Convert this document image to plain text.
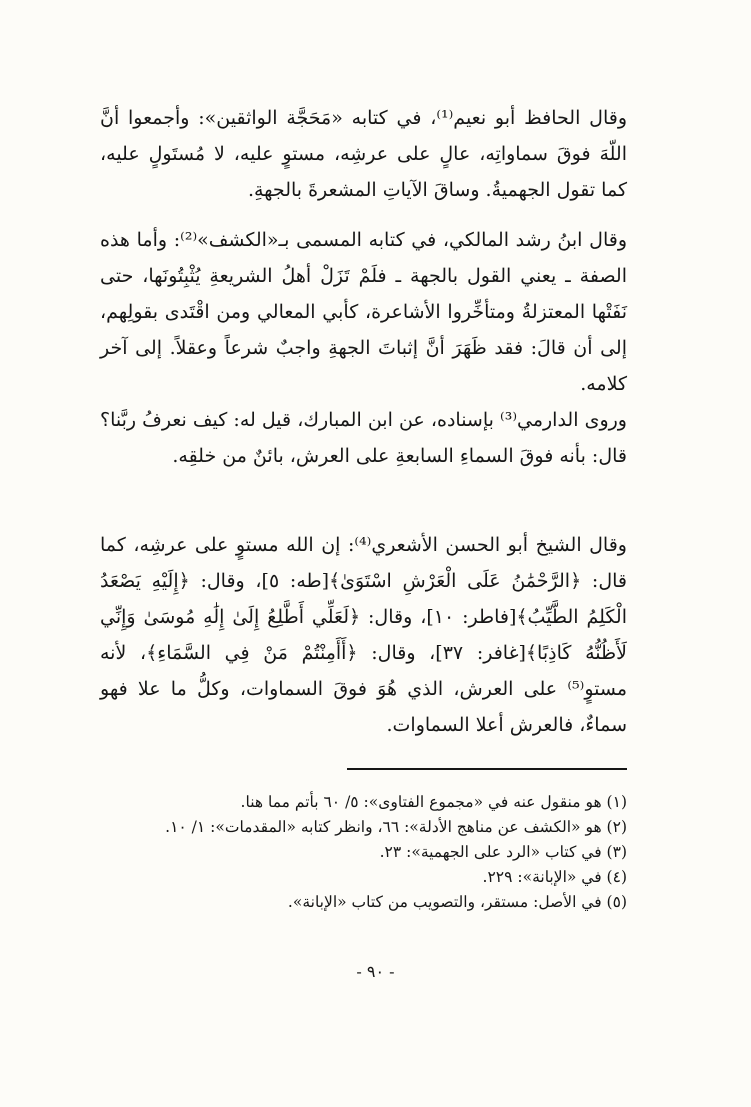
وقال الحافظ أبو نعيم⁽¹⁾، في كتابه «مَحَجَّة الواثقين»: وأجمعوا أنَّ اللّهَ فوقَ سماواتِه، عالٍ على عرشِه، مستوٍ عليه، لا مُستَولٍ عليه، كما تقول الجهميةُ. وساقَ الآياتِ المشعرةَ بالجهةِ.

وقال ابنُ رشد المالكي، في كتابه المسمى بـ«الكشف»⁽²⁾: وأما هذه الصفة ـ يعني القول بالجهة ـ فلَمْ تَزَلْ أهلُ الشريعةِ يُثْبِتُونَها، حتى نَفَتْها المعتزلةُ ومتأخِّروا الأشاعرة، كأبي المعالي ومن اقْتَدى بقولِهم، إلى أن قالَ: فقد ظَهَرَ أنَّ إثباتَ الجهةِ واجبٌ شرعاً وعقلاً. إلى آخر كلامه.

وروى الدارمي⁽³⁾ بإسناده، عن ابن المبارك، قيل له: كيف نعرفُ ربَّنا؟ قال: بأنه فوقَ السماءِ السابعةِ على العرش، بائنٌ من خلقِه.

وقال الشيخ أبو الحسن الأشعري⁽⁴⁾: إن الله مستوٍ على عرشِه، كما قال: ﴿الرَّحْمَٰنُ عَلَى الْعَرْشِ اسْتَوَىٰ﴾[طه: ٥]، وقال: ﴿إِلَيْهِ يَصْعَدُ الْكَلِمُ الطَّيِّبُ﴾[فاطر: ١٠]، وقال: ﴿لَعَلِّي أَطَّلِعُ إِلَىٰ إِلَٰهِ مُوسَىٰ وَإِنِّي لَأَظُنُّهُ كَاذِبًا﴾[غافر: ٣٧]، وقال: ﴿أَأَمِنْتُمْ مَنْ فِي السَّمَاءِ﴾، لأنه مستوٍ⁽⁵⁾ على العرش، الذي هُوَ فوقَ السماوات، وكلُّ ما علا فهو سماءٌ، فالعرش أعلا السماوات.

(١) هو منقول عنه في «مجموع الفتاوى»: ٥/ ٦٠ بأتم مما هنا.
(٢) هو «الكشف عن مناهج الأدلة»: ٦٦، وانظر كتابه «المقدمات»: ١/ ١٠.
(٣) في كتاب «الرد على الجهمية»: ٢٣.
(٤) في «الإبانة»: ٢٢٩.
(٥) في الأصل: مستقر، والتصويب من كتاب «الإبانة».
- ٩٠ -
